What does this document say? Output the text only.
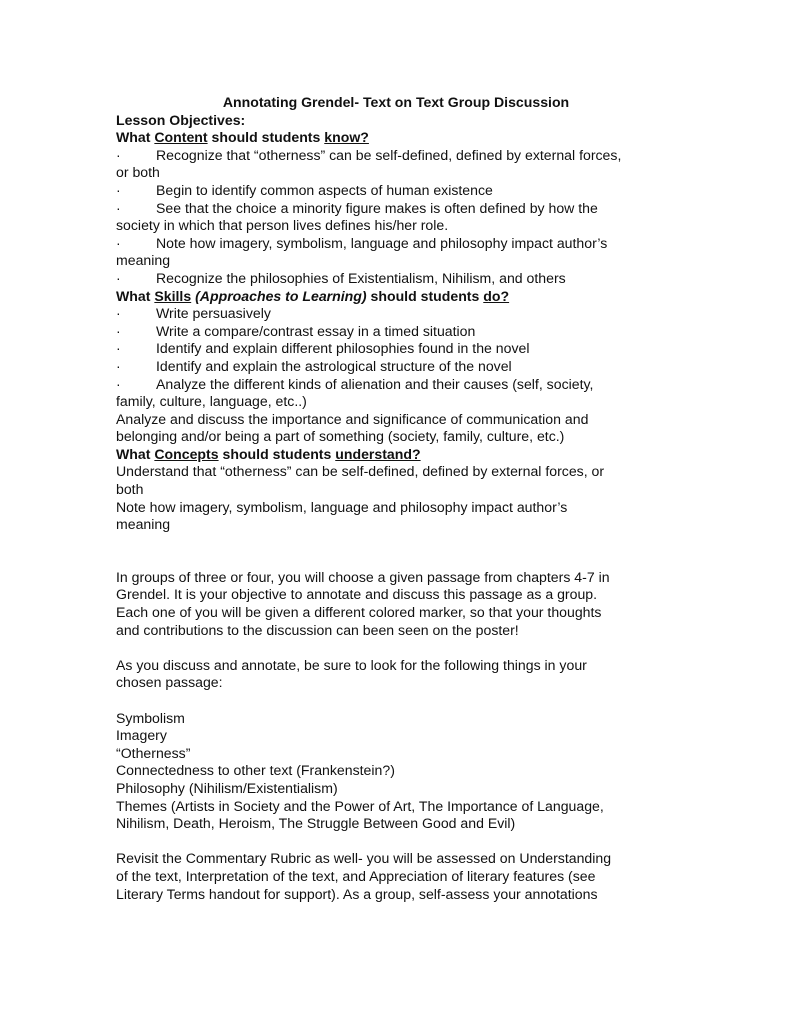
Annotating Grendel- Text on Text Group Discussion
Lesson Objectives:
What Content should students know?
·	Recognize that “otherness” can be self-defined, defined by external forces,
or both
·	Begin to identify common aspects of human existence
·	See that the choice a minority figure makes is often defined by how the
society in which that person lives defines his/her role.
·	Note how imagery, symbolism, language and philosophy impact author’s
meaning
·	Recognize the philosophies of Existentialism, Nihilism, and others
What Skills (Approaches to Learning) should students do?
·	Write persuasively
·	Write a compare/contrast essay in a timed situation
·	Identify and explain different philosophies found in the novel
·	Identify and explain the astrological structure of the novel
·	Analyze the different kinds of alienation and their causes (self, society,
family, culture, language, etc..)
Analyze and discuss the importance and significance of communication and
belonging and/or being a part of something (society, family, culture, etc.)
What Concepts should students understand?
Understand that “otherness” can be self-defined, defined by external forces, or
both
Note how imagery, symbolism, language and philosophy impact author’s
meaning
In groups of three or four, you will choose a given passage from chapters 4-7 in
Grendel. It is your objective to annotate and discuss this passage as a group.
Each one of you will be given a different colored marker, so that your thoughts
and contributions to the discussion can been seen on the poster!
As you discuss and annotate, be sure to look for the following things in your
chosen passage:
Symbolism
Imagery
“Otherness”
Connectedness to other text (Frankenstein?)
Philosophy (Nihilism/Existentialism)
Themes (Artists in Society and the Power of Art, The Importance of Language,
Nihilism, Death, Heroism, The Struggle Between Good and Evil)
Revisit the Commentary Rubric as well- you will be assessed on Understanding
of the text, Interpretation of the text, and Appreciation of literary features (see
Literary Terms handout for support). As a group, self-assess your annotations
